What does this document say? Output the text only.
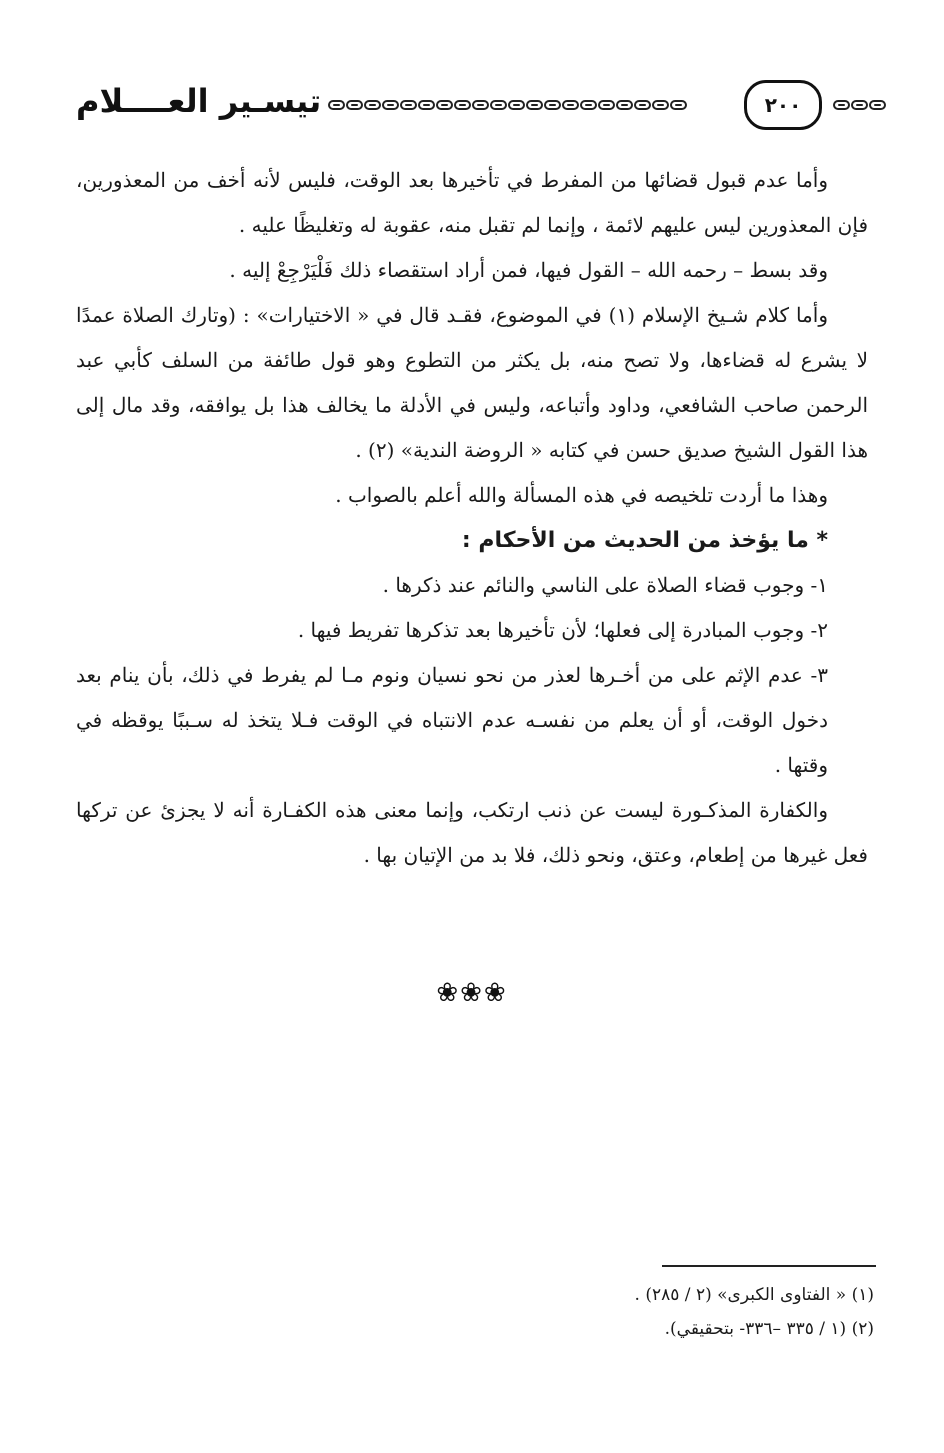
تيسـير العــــلام	٢٠٠

وأما عدم قبول قضائها من المفرط في تأخيرها بعد الوقت، فليس لأنه أخف من المعذورين، فإن المعذورين ليس عليهم لائمة ، وإنما لم تقبل منه، عقوبة له وتغليظًا عليه .

وقد بسط – رحمه الله – القول فيها، فمن أراد استقصاء ذلك فَلْيَرْجِعْ إليه .

وأما كلام شـيخ الإسلام (١) في الموضوع، فقـد قال في « الاختيارات» : (وتارك الصلاة عمدًا لا يشرع له قضاءها، ولا تصح منه، بل يكثر من التطوع وهو قول طائفة من السلف كأبي عبد الرحمن صاحب الشافعي، وداود وأتباعه، وليس في الأدلة ما يخالف هذا بل يوافقه، وقد مال إلى هذا القول الشيخ صديق حسن في كتابه « الروضة الندية» (٢) .

وهذا ما أردت تلخيصه في هذه المسألة والله أعلم بالصواب .

* ما يؤخذ من الحديث من الأحكام :

١- وجوب قضاء الصلاة على الناسي والنائم عند ذكرها .

٢- وجوب المبادرة إلى فعلها؛ لأن تأخيرها بعد تذكرها تفريط فيها .

٣- عدم الإثم على من أخـرها لعذر من نحو نسيان ونوم مـا لم يفرط في ذلك، بأن ينام بعد دخول الوقت، أو أن يعلم من نفسـه عدم الانتباه في الوقت فـلا يتخذ له سـببًا يوقظه في وقتها .

والكفارة المذكـورة ليست عن ذنب ارتكب، وإنما معنى هذه الكفـارة أنه لا يجزئ عن تركها فعل غيرها من إطعام، وعتق، ونحو ذلك، فلا بد من الإتيان بها .

❀❀❀

(١) « الفتاوى الكبرى» (٢ / ٢٨٥) .

(٢) (١ / ٣٣٥ –٣٣٦- بتحقيقي).
